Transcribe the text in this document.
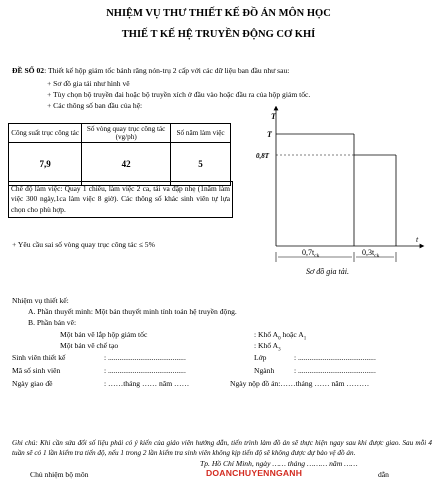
NHIỆM VỤ THƯ THIẾT KẾ ĐỒ ÁN MÔN HỌC
THIẾ T KẾ HỆ TRUYỀN ĐỘNG CƠ KHÍ
ĐỀ SỐ 02: Thiết kế hộp giảm tốc bánh răng nón-trụ 2 cấp với các dữ liệu ban đầu như sau:
+ Sơ đồ gia tải như hình vẽ
+ Tùy chọn bộ truyền đai hoặc bộ truyền xích ở đầu vào hoặc đầu ra của hộp giảm tốc.
+ Các thông số ban đầu của hệ:
Công suất trục công tác	Số vòng quay trục công tác (vg/ph)	Số năm làm việc
7,9	42	5
Chế độ làm việc: Quay 1 chiều, làm việc 2 ca, tải va đập nhẹ (1năm làm việc 300 ngày,1ca làm việc 8 giờ). Các thông số khác sinh viên tự lựa chọn cho phù hợp.
+ Yêu cầu sai số vòng quay trục công tác ≤ 5%
T
T
0,8T
t
$0,7t_{ck}$	$0,3t_{ck}$
Sơ đồ gia tải.
Nhiệm vụ thiết kế:
A. Phần thuyết minh: Một bản thuyết minh tính toán hệ truyền động.
B. Phần bản vẽ:
Một bản vẽ lắp hộp giảm tốc	: Khổ $A_0$ hoặc $A_1$
Một bản vẽ chế tạo	: Khổ $A_3$
Sinh viên thiết kế	: .........................................	Lớp	: .........................................
Mã số sinh viên	: .........................................	Ngành	: .........................................
Ngày giao đề	: ……tháng …… năm ……	Ngày nộp đồ án:……tháng …… năm ………
Ghi chú: Khi cần sửa đổi số liệu phải có ý kiến của giáo viên hướng dẫn, tiến trình làm đồ án sẽ thực hiện ngay sau khi được giao. Sau mỗi 4 tuần sẽ có 1 lần kiểm tra tiến độ, nếu 1 trong 2 lần kiểm tra sinh viên không kịp tiến độ sẽ không được dự bảo vệ đồ án.
Tp. Hồ Chí Minh, ngày …… tháng ……… năm ……
Chủ nhiệm bộ môn	dẫn
DOANCHUYENNGANH
